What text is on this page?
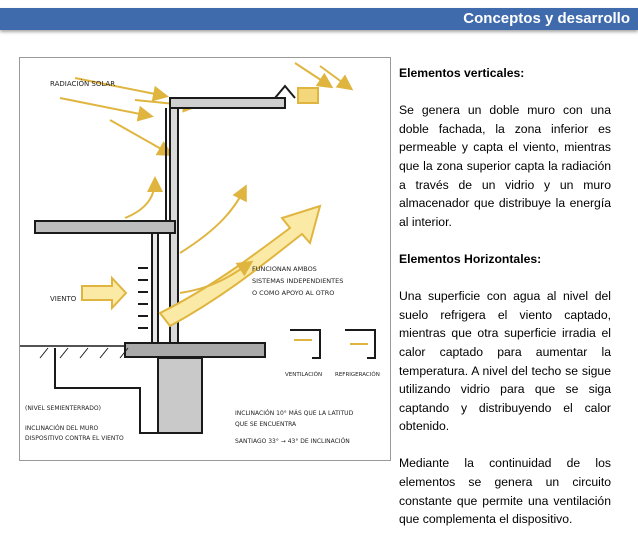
Conceptos y desarrollo
RADIACIÓN SOLAR
VIENTO
FUNCIONAN AMBOS
SISTEMAS INDEPENDIENTES
O COMO APOYO AL OTRO
VENTILACIÓN REFRIGERACIÓN
(NIVEL SEMIENTERRADO)
INCLINACIÓN DEL MURO
DISPOSITIVO CONTRA EL VIENTO
INCLINACIÓN 10° MÁS QUE LA LATITUD
QUE SE ENCUENTRA
SANTIAGO 33° → 43° DE INCLINACIÓN

Elementos verticales:

Se genera un doble muro con una doble fachada, la zona inferior es permeable y capta el viento, mientras que la zona superior capta la radiación a través de un vidrio y un muro almacenador que distribuye la energía al interior.

Elementos Horizontales:

Una superficie con agua al nivel del suelo refrigera el viento captado, mientras que otra superficie irradia el calor captado para aumentar la temperatura. A nivel del techo se sigue utilizando vidrio para que se siga captando y distribuyendo el calor obtenido.

Mediante la continuidad de los elementos se genera un circuito constante que permite una ventilación que complementa el dispositivo.
